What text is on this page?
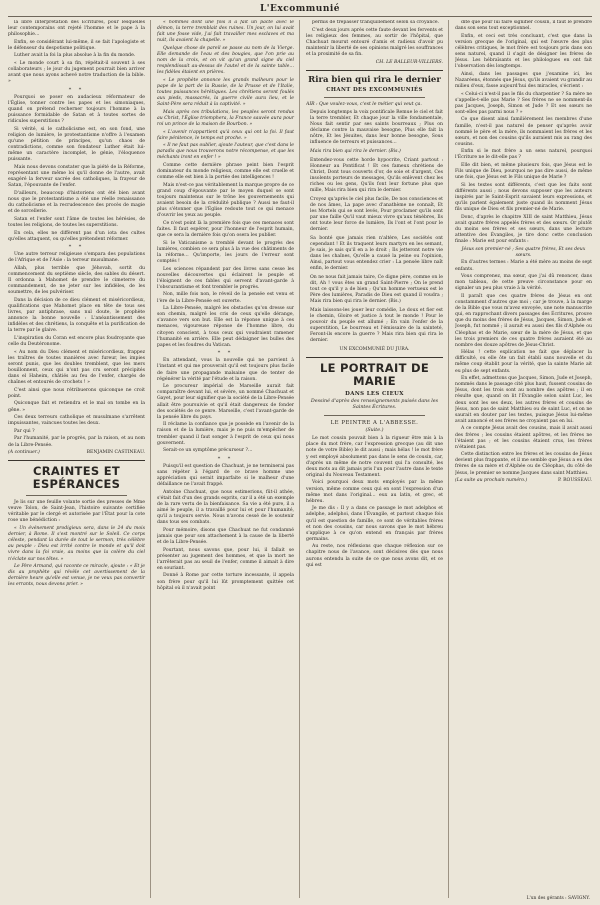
L'Excommunié

la libre interprétation des Écritures, pour lesquelles leur contemporains ont rejeté l'homme et le pape à la philosophie…

Enfin, se considérant lui-même, il se fait l'apologiste et le défenseur du despotisme politique.

Luther avait la foi la plus absolue à la fin du monde.

« Le monde court à sa fin, répétait-il souvent à ses collaborateurs ; le jour du jugement pourrait bien arriver avant que nous ayons achevé notre traduction de la bible. »

* *

Pourquoi se poser en audacieux réformateur de l'Église, tonner contre les papes et les simoniaques, quand on prétend recherner toujours l'homme à la puissance formidable de Satan et à toutes sortes de ridicules superstitions ?

Si vérité, si le catholicisme est, en son fond, une religion de lumière, le protestantisme n'offre à l'examen qu'une pétition de principes, qu'un chaos de contradictions, comme son fondateur Luther était lui-même un caractère incomplet, le génie, l'éloquence puissante.

Mais nous devons constater que la piété de la Réforme, représentant une même loi qu'il donne de l'autre, avait exagéré la ferveur sacrée des catholiques, la frayeur de Satan, l'épouvante de l'enfer.

D'ailleurs, beaucoup d'historiens ont été bien avant nous que le protestantisme a été une réelle renaissance du catholicisme et la recrudescence des procès de magie et de sorcellerie.

Satan et l'enfer sont l'âme de toutes les hérésies, de toutes les religions, de toutes les superstitions.

En cela, elles ne diffèrent pas d'un iota des cultes qu'elles attaquent, ou qu'elles prétendent réformer.

* *

Une autre terreur religieuse s'empara des populations de l'Afrique et de l'Asie : la terreur musulmane.

Allah, plus terrible que Jéhovah, sortit du commencement du septième siècle, des sables du désert. Il ordonna à Mahomet de prendre le cimeterre du commandement, de ne jeter sur les infidèles, de les soumettre, de les pulvériser.

Dans la décision de ce dieu clément et miséricordieux, qualifications que Mahomet place en tête de tous ses livres, par antiphrase, sans nul doute, le prophète annonce la bonne nouvelle : L'anéantissement des infidèles et des chrétiens, la conquête et la purification de la terre par le glaive.

L'inspiration du Coran est encore plus foudroyante que celle du Deutéronome.

« Au nom du Dieu clément et miséricordieux, frappez les traîtres de toutes manières avec fureur, les impies seront punis, que les doubles tremblent, que les mers bouillonnent, ceux qui n'ont pas cru seront précipités dans el Haheim, châtiés au feu de l'enfer, chargés de chaînes et entourés de crochets ! »

C'est ainsi que nous rétribuerons quiconque ne croit point.

Quiconque fait et retiendra et le mal on tombe en la gêne. »

Ces deux terreurs catholique et musulmane s'arrêtent impuissantes, vaincues toutes les deux.

Par qui ?

Par l'humanité, par le progrès, par la raison, et au nom de la Libre-Pensée.

(A continuer.)	BENJAMIN CASTINEAU.
CRAINTES ET ESPÉRANCES

Je lis sur une feuille volante sortie des presses de Mme veuve Tolon, de Saint-Jean, l'histoire suivante certifiée véritable par le clergé et autorisée par l'État pour la cote rose une bénédiction :

« Un événement prodigieux sera, dans le 24 du mois dernier, à Rome. Il s'est montré sur le Soleil. Ce corps céleste, pendant la durée de tout le sermon, très célèbre au peuple : Dieu est irrité contre le monde et qu'il doit vivre dans la foi vraie, au moins que la colère du ciel n'éclate sur nos têtes. »

Le Père Armand, qui raconte ce miracle, ajoute : « Et je dis au prophète qui révèle cet avertissement de la dernière heure qu'elle est venue, je ne veux pas convertir les errants, nous devons prier. »

« hommes dont une fois il a fait un pacte avec le démon, la terre tremblait des ruines. Un jour, on lui avait fait une fosse vide, j'ai fait travailler mes esclaves et ma nuit, ils avaient la chapelle. »

Quelque chose de pareil se passe au nom de la Vierge. Elle demande de l'eau et des bougies, que l'on prie au nom de la croix, et on vit qu'un grand signe du ciel resplendissait au-dessus de l'autel et de la sainte table… les fidèles étaient en prières.

« Le prophète annonce les grands malheurs pour le pape de la part de la Russie, de la Prusse et de l'Italie, toutes puissances hérétiques. Les chrétiens seront foulés aux pieds, massacrés, la guerre civile aura lieu, et le Saint-Père sera réduit à la captivité. »

Mais après ces tribulations, les peuples seront rendus au Christ, l'Église triomphera, la France sauvée aura pour roi un prince de la maison de Bourbon. »

« L'avenir n'appartient qu'à ceux qui ont la foi. Il faut faire pénitence, le temps est proche. »

« Il ne faut pas oublier, ajoute l'auteur, que c'est dans le paradis que nous trouverons notre récompense, et que les méchants iront en enfer ! »

Comme cette dernière phrase peint bien l'esprit dominateur du monde religieux, comme elle est cruelle et comme elle est bien à la portée des intelligences !

Mais n'est-ce pas véritablement la marque propre de ce grand coup d'épouvante par le moyen duquel se sont toujours maintenus sur le trône les gouvernements qui avaient besoin de la crédulité publique ? Aussi ne faut-il plus s'étonner que l'Église redoute tout ce qui menace d'ouvrir les yeux au peuple.

Ce n'est point là la première fois que ces menaces sont faites. Il faut espérer, pour l'honneur de l'esprit humain, que ce sera la dernière fois qu'on osera les publier.

Si le Vaticanisme a tremblé devant le progrès des lumières, combien ce sera plus à la vue des châtiments de la réforme… Qu'importe, les jours de l'erreur sont comptés !

Les sciences répandent par des livres sans cesse les nouvelles découvertes qui éclairent le peuple et l'éloignent de ces fables qui servent d'avant-garde à l'obscurantisme et font trembler le progrès.

Non, mille fois non, le réveil de la pensée est venu et l'ère de la Libre-Pensée est ouverte.

La Libre-Pensée, malgré les obstacles qu'on dresse sur son chemin, malgré les cris de ceux qu'elle dérange, s'avance vers son but. Elle est la réponse unique à ces menaces, vigoureuse réponse de l'homme libre, du citoyen conscient, à tous ceux qui voudraient ramener l'humanité en arrière. Elle peut dédaigner les bulles des papes et les foudres du Vatican.

* *

En attendant, vous la nouvelle qui ne parvient à l'instant et qui me prouverait qu'il est toujours plus facile de faire une propagande malsaine que de tenter de régénérer la vérité par l'étude et la raison.

Le procureur impérial de Marseille aurait fait comparaître devant lui, et sévère, un nommé Chachuat et Gayet, pour leur signifier que la société de la Libre-Pensée allait être poursuivie et qu'il était dangereux de fonder des sociétés de ce genre. Marseille, c'est l'avant-garde de la pensée libre du pays.

Il réclame la confiance que je possède en l'avenir de la raison et de la lumière, mais je ne puis m'empêcher de trembler quand il faut songer à l'esprit de ceux qui nous gouvernent.

Serait-ce un symptôme précurseur ?…

* *

Puisqu'il est question de Chachuat, je ne terminerai pas sans répéter à l'égard de ce brave homme une appréciation qui serait imparfaite si le malheur d'une défaillance ne l'avait frappé.

Antoine Chachuat, que nous estimerions, fût-il athée, s'était fait d'un des grands esprits, car il a été un exemple de la rare vertu de la bienfaisance. Sa vie a été pure, il a aimé le peuple, il a travaillé pour lui et pour l'humanité, qu'il a toujours servie. Nous n'avons cessé de le soutenir dans tous ses combats.

Pour mémoire, disons que Chachuat ne fut condamné jamais que pour son attachement à la cause de la liberté et de la Libre-Pensée.

Pourtant, nous savons que, pour lui, il fallait se présenter au jugement des hommes, et que la mort ne l'arrêterait pas au seuil de l'enfer, comme il aimait à dire en souriant.

Donné à Rome par cette torture incessante, il appela son frère pour qu'il lui lût promptement quittée cet hôpital où il n'avait point

permis de trépasser tranquillement selon sa croyance.

C'est deux jours après cette faute devant les fervents et les religieux des femmes, au sortir de l'hôpital, que Chachuat mourut entouré d'amis et radieux d'avoir pu maintenir la liberté de ses opinions malgré les souffrances et la proximité de sa fin.

CH. LE BALLEUR-VILLIERS.
Rira bien qui rira le dernier
CHANT DES EXCOMMUNIÉS

AIR : Que voulez-vous, c'est le métier qui veut ça.

Depuis longtemps la voix pontificale Remue le ciel et fait la terre trembler, Et chaque jour la ville fondamentale, Nous fait sentir par ses saints bourreaux ; Plus on déclame contre la mauvaise besogne, Plus elle fait la nôtre, Et les Jésuites, dans leur bonne besogne, Sous influence de terreurs et puissances…

Mais rira bien qui rira le dernier. (Bis.)

Entendez-vous cette horde hypocrite, Criant partout : Honneur au Pontificat ! Et ces fameux chrétiens de Christ, Dont tous couverts d'or, de soie et d'argent, Ces insolents porteurs de messages, Qu'ils enlèvent chez les riches ou les gens, Qu'ils font leur fortune plus que mille, Mais rira bien qui rira le dernier.

Croyez qu'après le ciel plus facile, De nos consciences et de nos âmes, La pape avec d'anathème ne connaît, Et les Mortels qui se sont levés, Pour proclamer qu'ils sont par une faille Qu'il vaut mieux vivre qu'aux ténèbres, Ils ont toute leur force de lumière, Ils l'ont et l'ont pour le dernier.

Sa bonté que jamais rien n'altère, Les sociétés ont cependant ! Et ils traquent leurs martyrs en les semant, Je sais, je sais qu'il en a le droit ; Ils jetteront notre vie dans les chaînes, Qu'elle a causé la peine ou l'opinion, Ainsi, partout vous entendez crier : La pensée libre naît enfin, le dernier.

On ne nous fait jamais taire, Ce digne père, comme on le dit, Ah ! vous êtes un grand Saint-Pierre ; On le prend tout ce qu'il y a de bien ; Qu'un homme vertueux est le Père des lumières, Paradis de Dieu est quand il voudra ; Mais rira bien qui rira le dernier. (Bis.)

Mais laissons-les jouer leur comédie, Le doux et fier est le chemin, Gloire et justice à tout le monde ! Pour le pouvoir du peuple est allumé ; En vain l'enfer de la superstition, Le bourreau et l'émissaire de la sainteté, Feront-ils encore la guerre ? Mais rira bien qui rira le dernier.

UN EXCOMMUNIÉ DU JURA.
LE PORTRAIT DE MARIE
DANS LES CIEUX
Dessiné d'après des renseignements puisés dans les Saintes Écritures.
LE PEINTRE A L'ABBESSE.
(Suite.)

Le mot cousin pouvait bien à la rigueur être mis à la place du mot frère, car l'expression grecque (au dit une note de votre Bible) le dit aussi ; mais hélas ! le mot frère y est employé absolument pas dans le sens de cousin, car, d'après un même de notre couvent qui l'a consulté, les deux mots au dit jamais pris l'un pour l'autre dans le texte original du Nouveau Testament.

Voici pourquoi deux mots employés par la même version, même comme ceux qui en sont l'expression d'un même mot dans l'original… eux au latin, et grec, et hébreu.

Je me dis : Il y a dans ce passage le mot adelphos et adelphe, adelphoi, dans l'Évangile, et partout chaque fois qu'il est question de famille, ce sont de véritables frères et non des cousins, car nous savons que le mot hébreu s'applique à ce qu'on entend en français par frères germains.

Au reste, nos réflexions que chaque réflexion sur ce chapitre nous de l'avance, sont décisives dès que nous aurons entendu la suite de ce que nous avons dit, et ce qui est

dite que pour lui faire signifier cousin, il faut le prendre dans son sens tout exceptionnel.

Enfin, et ceci est très concluant, c'est que dans la version grecque de l'original, qui est l'œuvre des plus célèbres critiques, le mot frère est toujours pris dans son sens naturel, quand il s'agit de désigner les frères de Jésus. Les hébraïsants et les philologues en ont fait l'observation dès longtemps.

Ainsi, dans les passages que j'examine ici, les Nazaréens, étonnés que Jésus, qu'ils avaient vu grandir au milieu d'eux, fasse aujourd'hui des miracles, s'écrient :

« Celui-ci n'est-il pas le fils du charpentier ? Sa mère ne s'appelle-t-elle pas Marie ? Ses frères ne se nomment-ils pas Jacques, Joseph, Simon et Jude ? Et ses sœurs ne sont-elles pas parmi nous ? »

Ce que disent ainsi familièrement les membres d'une famille, n'est-il pas naturel de penser qu'après avoir nommé le père et la mère, ils nommaient les frères et les sœurs, et non des cousins qu'ils auraient mis au rang des cousins.

Enfin si le mot frère a un sens naturel, pourquoi l'Écriture ne le dit-elle pas ?

Elle dit bien, et même plusieurs fois, que Jésus est le Fils unique de Dieu, pourquoi ne pas dire aussi, de même une fois, que Jésus est le Fils unique de Marie ?

Si les textes sont différents, c'est que les faits sont différents aussi ; nous devons supposer que les auteurs inspirés par le Saint-Esprit savaient leurs expressions, et qu'ils parlent également juste quand ils nomment Jésus fils unique de Dieu et fils premier-né de Marie.

Donc, d'après le chapitre XIII de saint Matthieu, Jésus avait quatre frères appelés frères et des sœurs. Or plutôt du moins ses frères et ses sœurs, dans une lecture attentive des Évangiles, je tire donc cette conclusion finale : Marie est pour enfants :

Jésus son premier-né ; Ses quatre frères, Et ses deux sœurs.

En d'autres termes : Marie a été mère au moins de sept enfants.

Vous comprenez, ma sœur, que j'ai dû renoncer, dans mon tableau, de cette preuve circonstance pour en signaler un peu plus vraie à la vérité.

Il paraît que ces quatre frères de Jésus en ont constamment d'autres que moi ; car je trouve, à la marge de la Bible que vous m'avez envoyée, une note manuscrite qui, en rapprochant divers passages des Écritures, prouve que du moins des frères de Jésus, Jacques, Simon, Jude et Joseph, fut nommé ; il aurait eu aussi des fils d'Alphée ou Cléophas et de Marie, sœur de la mère de Jésus, et que les trois premiers de ces quatre frères auraient été au nombre des douze apôtres de Jésus-Christ.

Hélas ! cette explication ne fait que déplacer la difficulté, ou elle ôte un fait établi sans nouvelle et du même coup établit pour la vérité, que la sainte Marie ait eu plus de sept enfants.

En effet, admettons que Jacques, Simon, Jude et Joseph, nommés dans le passage cité plus haut, fussent cousins de Jésus, dont les trois sont au nombre des apôtres ; il en résulte que, quand on lit l'Évangile selon saint Luc, les deux sont les ses deux, les autres frères et cousins de Jésus, non pas de saint Matthieu ou de saint Luc, et on ne saurait en douter par les textes, puisque Jésus lui-même avait annoncé et ses frères ne croyaient pas en lui.

A ce compte Jésus avait des cousins, mais il avait aussi des frères ; les cousins étaient apôtres, et les frères ne l'étaient pas ; et les cousins étaient crus, les frères n'étaient pas.

Cette distinction entre les frères et les cousins de Jésus devient plus frappante, et il me semble que Jésus a eu des frères de sa mère et d'Alphée ou de Cléophas, du côté de Jésus, le premier se nomme Jacques dans saint Matthieu.

(La suite au prochain numéro.)	P. ROUSSEAU.
L'un des gérants : SAVIGNY.
